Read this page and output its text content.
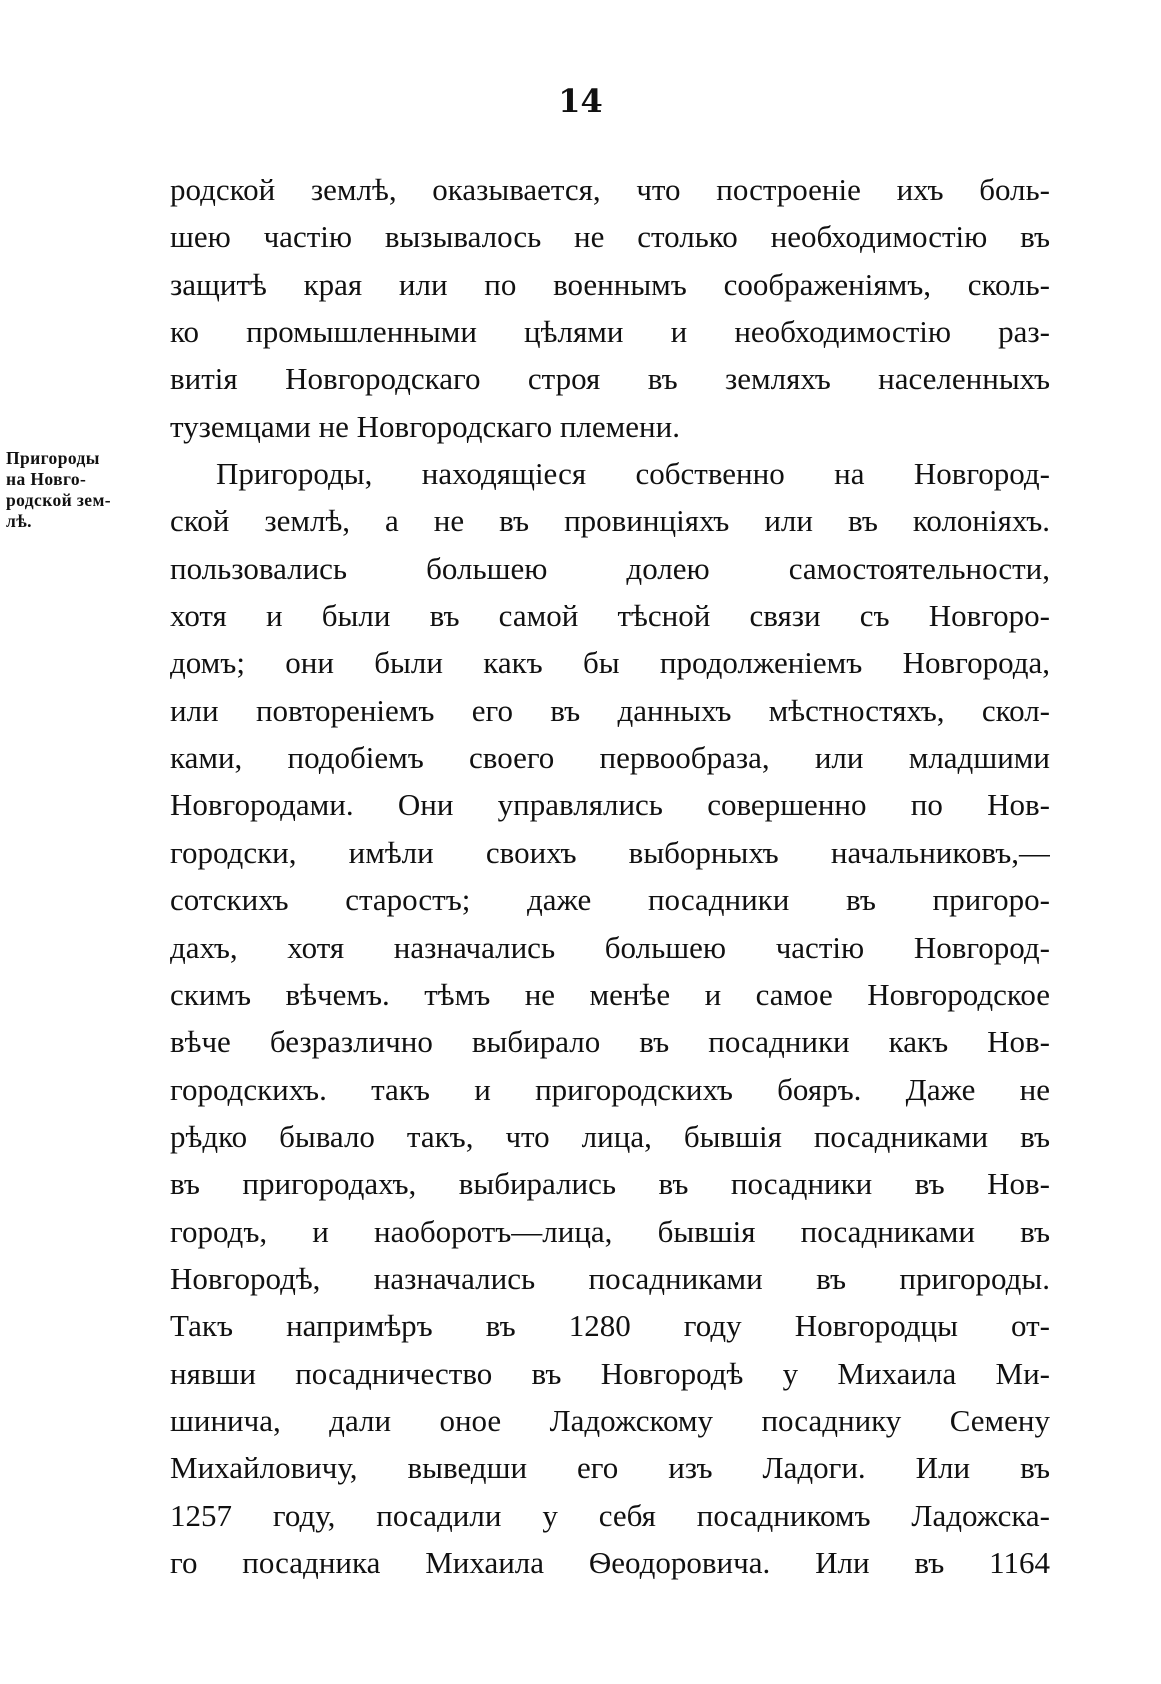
14
Пригороды
на Новго-
родской зем-
лѣ.
родской землѣ, оказывается, что построеніе ихъ боль-
шею частію вызывалось не столько необходимостію въ
защитѣ края или по военнымъ соображеніямъ, сколь-
ко промышленными цѣлями и необходимостію раз-
витія Новгородскаго строя въ земляхъ населенныхъ
туземцами не Новгородскаго племени.
Пригороды, находящіеся собственно на Новгород-
ской землѣ, а не въ провинціяхъ или въ колоніяхъ.
пользовались большею долею самостоятельности,
хотя и были въ самой тѣсной связи съ Новгоро-
домъ; они были какъ бы продолженіемъ Новгорода,
или повтореніемъ его въ данныхъ мѣстностяхъ, скол-
ками, подобіемъ своего первообраза, или младшими
Новгородами. Они управлялись совершенно по Нов-
городски, имѣли своихъ выборныхъ начальниковъ,—
сотскихъ старостъ; даже посадники въ пригоро-
дахъ, хотя назначались большею частію Новгород-
скимъ вѣчемъ. тѣмъ не менѣе и самое Новгородское
вѣче безразлично выбирало въ посадники какъ Нов-
городскихъ. такъ и пригородскихъ бояръ. Даже не
рѣдко бывало такъ, что лица, бывшія посадниками въ
въ пригородахъ, выбирались въ посадники въ Нов-
городъ, и наоборотъ—лица, бывшія посадниками въ
Новгородѣ, назначались посадниками въ пригороды.
Такъ напримѣръ въ 1280 году Новгородцы от-
нявши посадничество въ Новгородѣ у Михаила Ми-
шинича, дали оное Ладожскому посаднику Семену
Михайловичу, выведши его изъ Ладоги. Или въ
1257 году, посадили у себя посадникомъ Ладожска-
го посадника Михаила Ѳеодоровича. Или въ 1164
